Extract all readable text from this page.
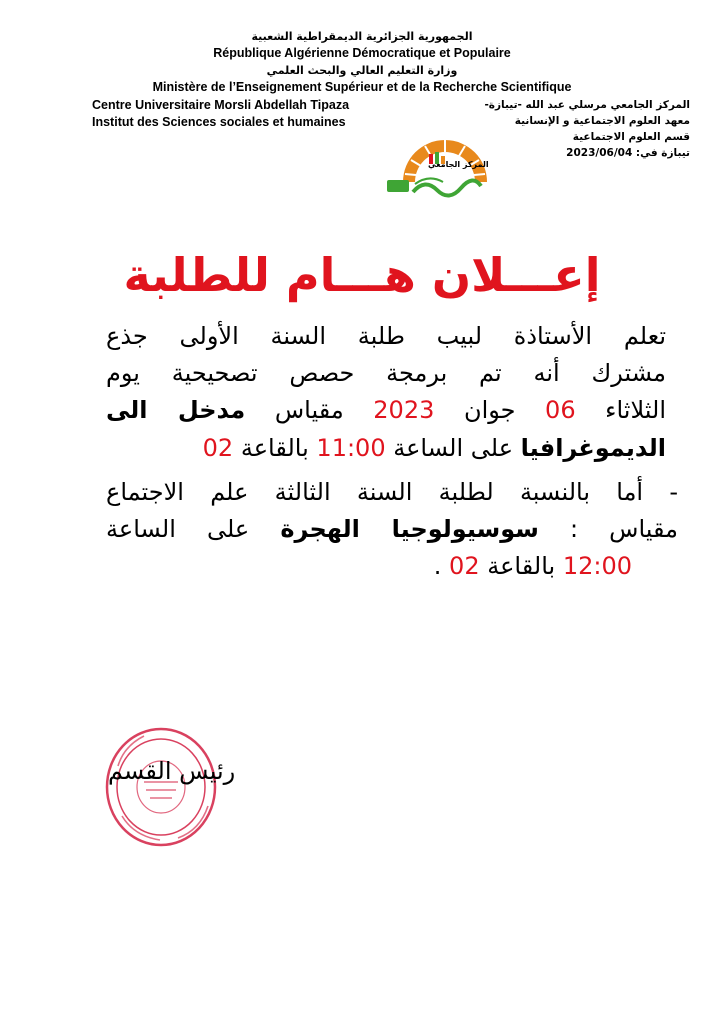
الجمهورية الجزائرية الديمقراطية الشعبية
République Algérienne Démocratique et Populaire
وزارة التعليم العالي والبحث العلمي
Ministère de l’Enseignement Supérieur et de la Recherche Scientifique
Centre Universitaire Morsli Abdellah Tipaza
Institut des Sciences sociales et humaines
المركز الجامعي مرسلي عبد الله -تيبازة-
معهد العلوم الاجتماعية و الإنسانية
قسم العلوم الاجتماعية
تيبازة في: 2023/06/04
المركز الجامعي
إعـــلان هـــام للطلبة
تعلم الأستاذة لبيب طلبة السنة الأولى جذع
مشترك أنه تم برمجة حصص تصحيحية يوم
الثلاثاء 06 جوان 2023 مقياس مدخل الى
الديموغرافيا على الساعة 11:00 بالقاعة 02
- أما بالنسبة لطلبة السنة الثالثة علم الاجتماع
مقياس : سوسيولوجيا الهجرة على الساعة
12:00 بالقاعة 02 .
رئيس القسم
